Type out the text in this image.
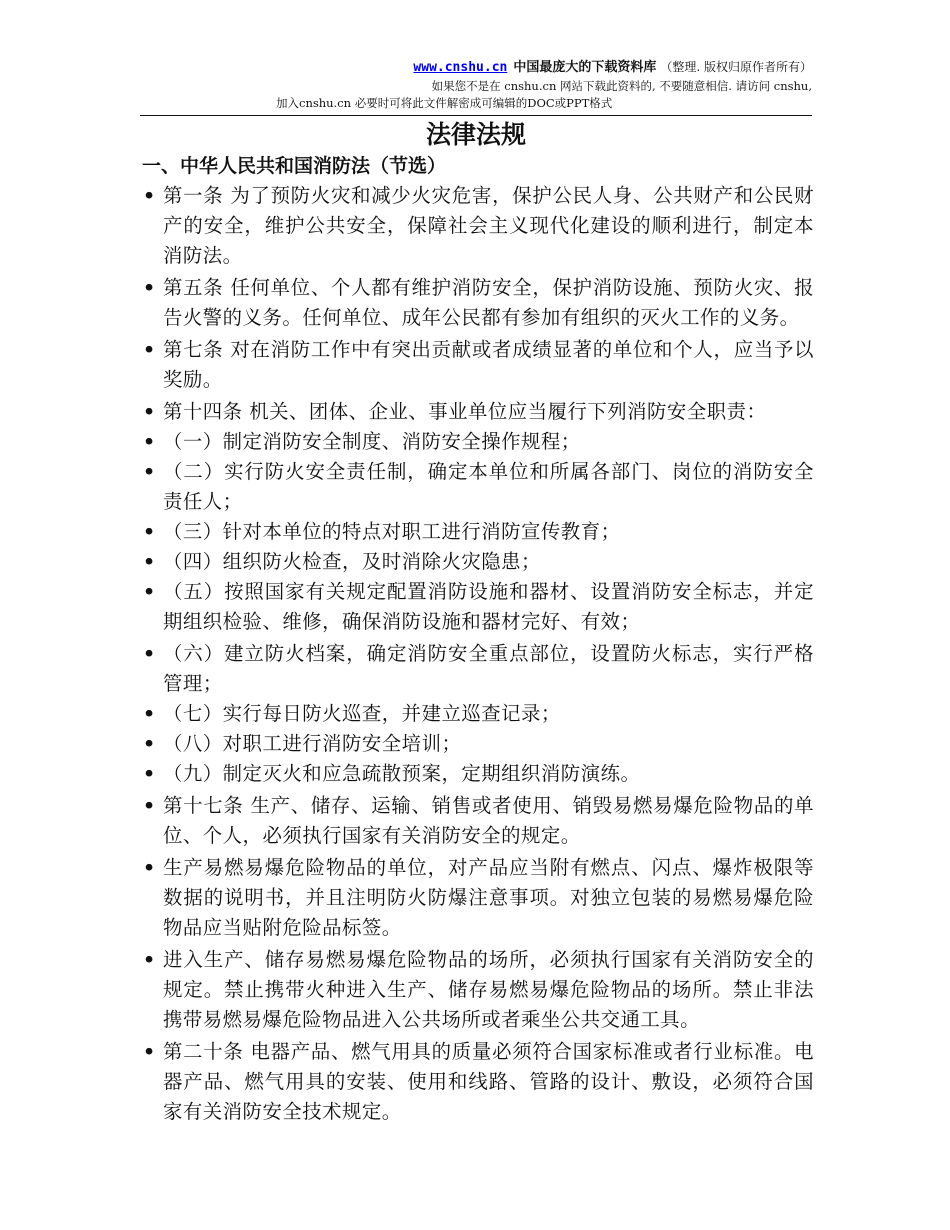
www.cnshu.cn 中国最庞大的下载资料库 （整理. 版权归原作者所有）
如果您不是在 cnshu.cn 网站下载此资料的, 不要随意相信. 请访问 cnshu,
加入cnshu.cn 必要时可将此文件解密成可编辑的DOC或PPT格式
法律法规
一、中华人民共和国消防法（节选）
• 第一条 为了预防火灾和减少火灾危害，保护公民人身、公共财产和公民财产的安全，维护公共安全，保障社会主义现代化建设的顺利进行，制定本消防法。
• 第五条 任何单位、个人都有维护消防安全，保护消防设施、预防火灾、报告火警的义务。任何单位、成年公民都有参加有组织的灭火工作的义务。
• 第七条 对在消防工作中有突出贡献或者成绩显著的单位和个人，应当予以奖励。
• 第十四条 机关、团体、企业、事业单位应当履行下列消防安全职责：
• （一）制定消防安全制度、消防安全操作规程；
• （二）实行防火安全责任制，确定本单位和所属各部门、岗位的消防安全责任人；
• （三）针对本单位的特点对职工进行消防宣传教育；
• （四）组织防火检查，及时消除火灾隐患；
• （五）按照国家有关规定配置消防设施和器材、设置消防安全标志，并定期组织检验、维修，确保消防设施和器材完好、有效；
• （六）建立防火档案，确定消防安全重点部位，设置防火标志，实行严格管理；
• （七）实行每日防火巡查，并建立巡查记录；
• （八）对职工进行消防安全培训；
• （九）制定灭火和应急疏散预案，定期组织消防演练。
• 第十七条 生产、储存、运输、销售或者使用、销毁易燃易爆危险物品的单位、个人，必须执行国家有关消防安全的规定。
• 生产易燃易爆危险物品的单位，对产品应当附有燃点、闪点、爆炸极限等数据的说明书，并且注明防火防爆注意事项。对独立包装的易燃易爆危险物品应当贴附危险品标签。
• 进入生产、储存易燃易爆危险物品的场所，必须执行国家有关消防安全的规定。禁止携带火种进入生产、储存易燃易爆危险物品的场所。禁止非法携带易燃易爆危险物品进入公共场所或者乘坐公共交通工具。
• 第二十条 电器产品、燃气用具的质量必须符合国家标准或者行业标准。电器产品、燃气用具的安装、使用和线路、管路的设计、敷设，必须符合国家有关消防安全技术规定。
